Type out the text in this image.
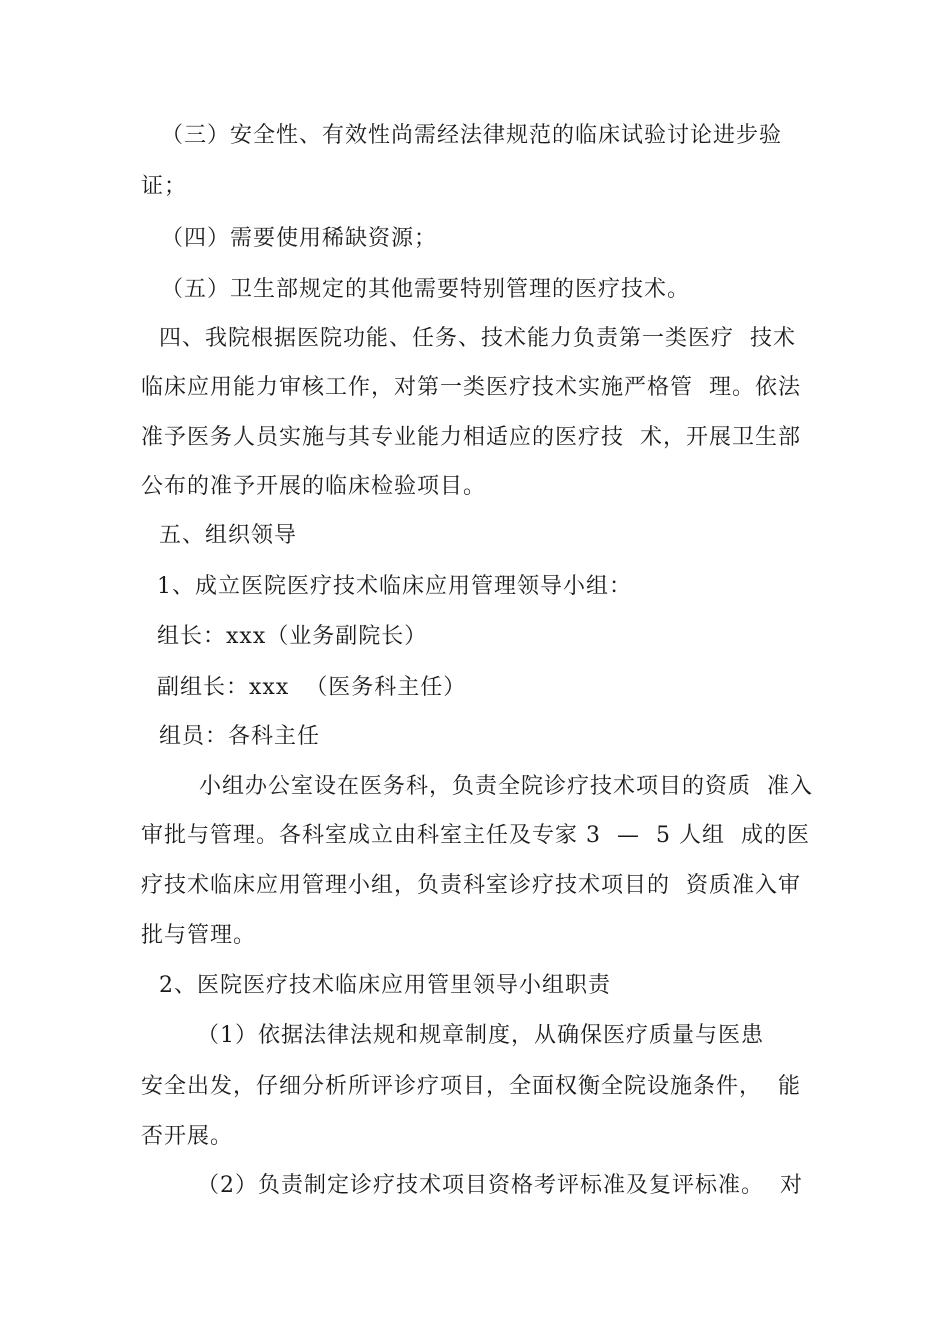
（三）安全性、有效性尚需经法律规范的临床试验讨论进步验
证；
（四）需要使用稀缺资源；
（五）卫生部规定的其他需要特别管理的医疗技术。
四、我院根据医院功能、任务、技术能力负责第一类医疗  技术
临床应用能力审核工作，对第一类医疗技术实施严格管  理。依法
准予医务人员实施与其专业能力相适应的医疗技  术，开展卫生部
公布的准予开展的临床检验项目。
五、组织领导
1、成立医院医疗技术临床应用管理领导小组：
组长：xxx（业务副院长）
副组长：xxx  （医务科主任）
组员：各科主任
小组办公室设在医务科，负责全院诊疗技术项目的资质  准入
审批与管理。各科室成立由科室主任及专家 3  —  5 人组  成的医
疗技术临床应用管理小组，负责科室诊疗技术项目的  资质准入审
批与管理。
2、医院医疗技术临床应用管里领导小组职责
（1）依据法律法规和规章制度，从确保医疗质量与医患
安全出发，仔细分析所评诊疗项目，全面权衡全院设施条件，  能
否开展。
（2）负责制定诊疗技术项目资格考评标准及复评标准。  对
